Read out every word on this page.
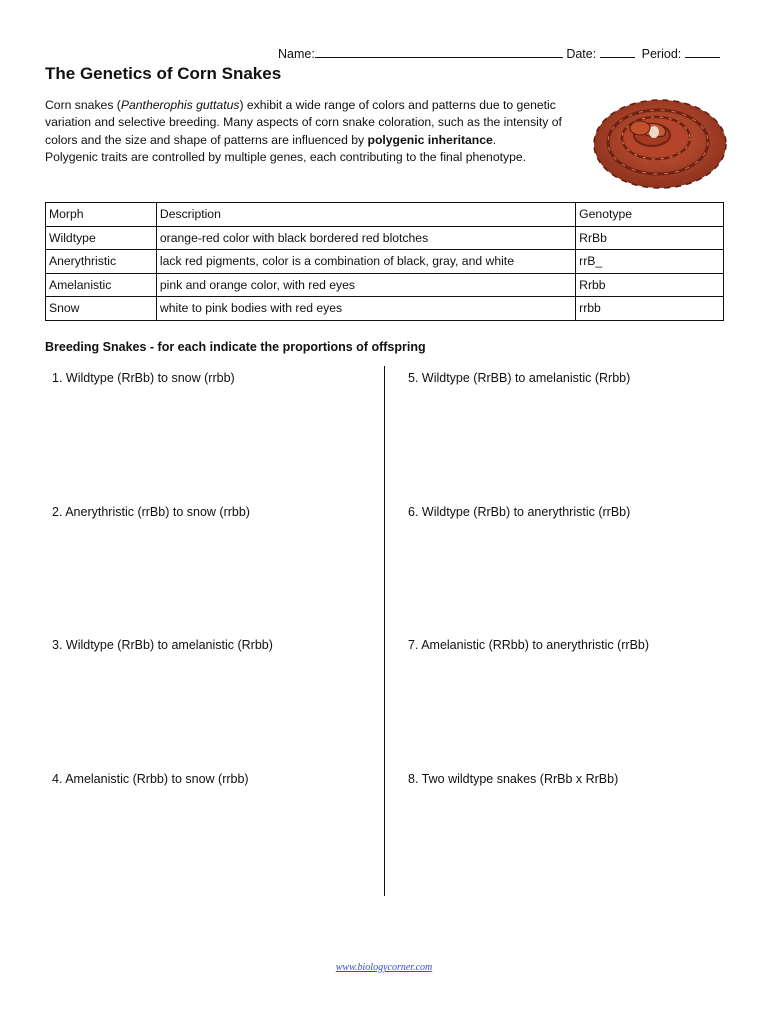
Name:	Date:	Period:
The Genetics of Corn Snakes
Corn snakes (Pantherophis guttatus) exhibit a wide range of colors and patterns due to genetic variation and selective breeding. Many aspects of corn snake coloration, such as the intensity of colors and the size and shape of patterns are influenced by polygenic inheritance.
Polygenic traits are controlled by multiple genes, each contributing to the final phenotype.
Morph	Description	Genotype
Wildtype	orange-red color with black bordered red blotches	RrBb
Anerythristic	lack red pigments, color is a combination of black, gray, and white	rrB_
Amelanistic	pink and orange color, with red eyes	Rrbb
Snow	white to pink bodies with red eyes	rrbb
Breeding Snakes - for each indicate the proportions of offspring
1. Wildtype (RrBb) to snow (rrbb)
2. Anerythristic (rrBb) to snow (rrbb)
3. Wildtype (RrBb) to amelanistic (Rrbb)
4. Amelanistic (Rrbb) to snow (rrbb)
5. Wildtype (RrBB) to amelanistic (Rrbb)
6. Wildtype (RrBb) to anerythristic (rrBb)
7. Amelanistic (RRbb) to anerythristic (rrBb)
8. Two wildtype snakes (RrBb x RrBb)
www.biologycorner.com
